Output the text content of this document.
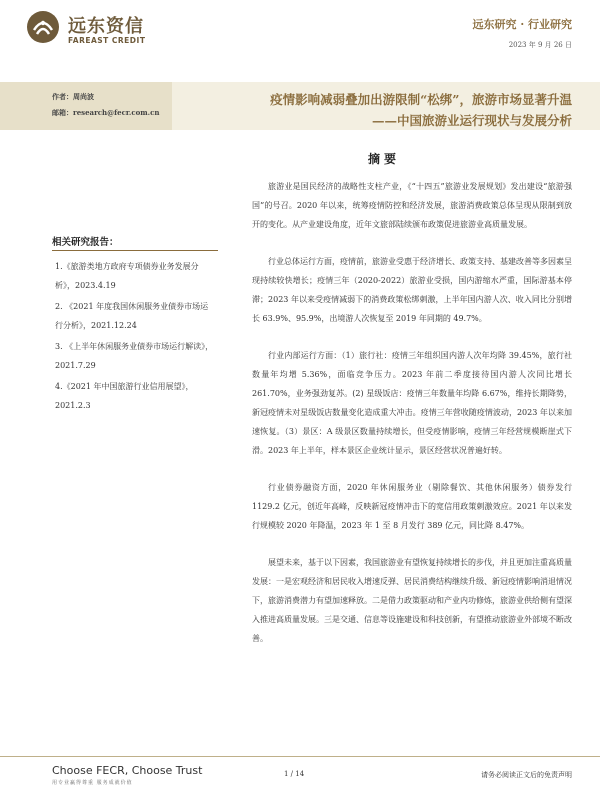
远东资信
FAREAST CREDIT
远东研究 · 行业研究
2023 年 9 月 26 日
作者：周尚波
邮箱：research@fecr.com.cn
疫情影响减弱叠加出游限制“松绑”，旅游市场显著升温
——中国旅游业运行现状与发展分析
相关研究报告：
1.《旅游类地方政府专项债券业务发展分析》，2023.4.19
2. 《2021 年度我国休闲服务业债券市场运行分析》，2021.12.24
3. 《上半年休闲服务业债券市场运行解读》，2021.7.29
4.《2021 年中国旅游行业信用展望》，2021.2.3
摘要

旅游业是国民经济的战略性支柱产业，《“十四五”旅游业发展规划》发出建设“旅游强国”的号召。2020 年以来，统筹疫情防控和经济发展，旅游消费政策总体呈现从限制到放开的变化。从产业建设角度，近年文旅部陆续颁布政策促进旅游业高质量发展。

行业总体运行方面，疫情前，旅游业受惠于经济增长、政策支持、基建改善等多因素呈现持续较快增长；疫情三年（2020-2022）旅游业受损，国内游缩水严重，国际游基本停滞；2023 年以来受疫情减弱下的消费政策松绑刺激，上半年国内游人次、收入同比分别增长 63.9%、95.9%，出境游人次恢复至 2019 年同期的 49.7%。

行业内部运行方面：（1）旅行社：疫情三年组织国内游人次年均降 39.45%，旅行社数量年均增 5.36%，面临竞争压力。2023 年前二季度接待国内游人次同比增长 261.70%，业务强劲复苏。(2) 星级饭店：疫情三年数量年均降 6.67%，维持长期降势，新冠疫情未对星级饭店数量变化造成重大冲击。疫情三年营收随疫情波动，2023 年以来加速恢复。（3）景区：A 级景区数量持续增长，但受疫情影响，疫情三年经营规模断崖式下滑。2023 年上半年，样本景区企业统计显示，景区经营状况普遍好转。

行业债券融资方面，2020 年休闲服务业（剔除餐饮、其他休闲服务）债券发行 1129.2 亿元，创近年高峰，反映新冠疫情冲击下的宽信用政策刺激效应。2021 年以来发行规模较 2020 年降温，2023 年 1 至 8 月发行 389 亿元，同比降 8.47%。

展望未来，基于以下因素，我国旅游业有望恢复持续增长的步伐，并且更加注重高质量发展：一是宏观经济和居民收入增速反弹、居民消费结构继续升级、新冠疫情影响消退情况下，旅游消费潜力有望加速释放。二是借力政策驱动和产业内功修炼，旅游业供给侧有望深入推进高质量发展。三是交通、信息等设施建设和科技创新，有望推动旅游业外部境不断改善。

Choose FECR, Choose Trust
用专业赢得尊重 服务成就价值
1 / 14	请务必阅读正文后的免责声明
